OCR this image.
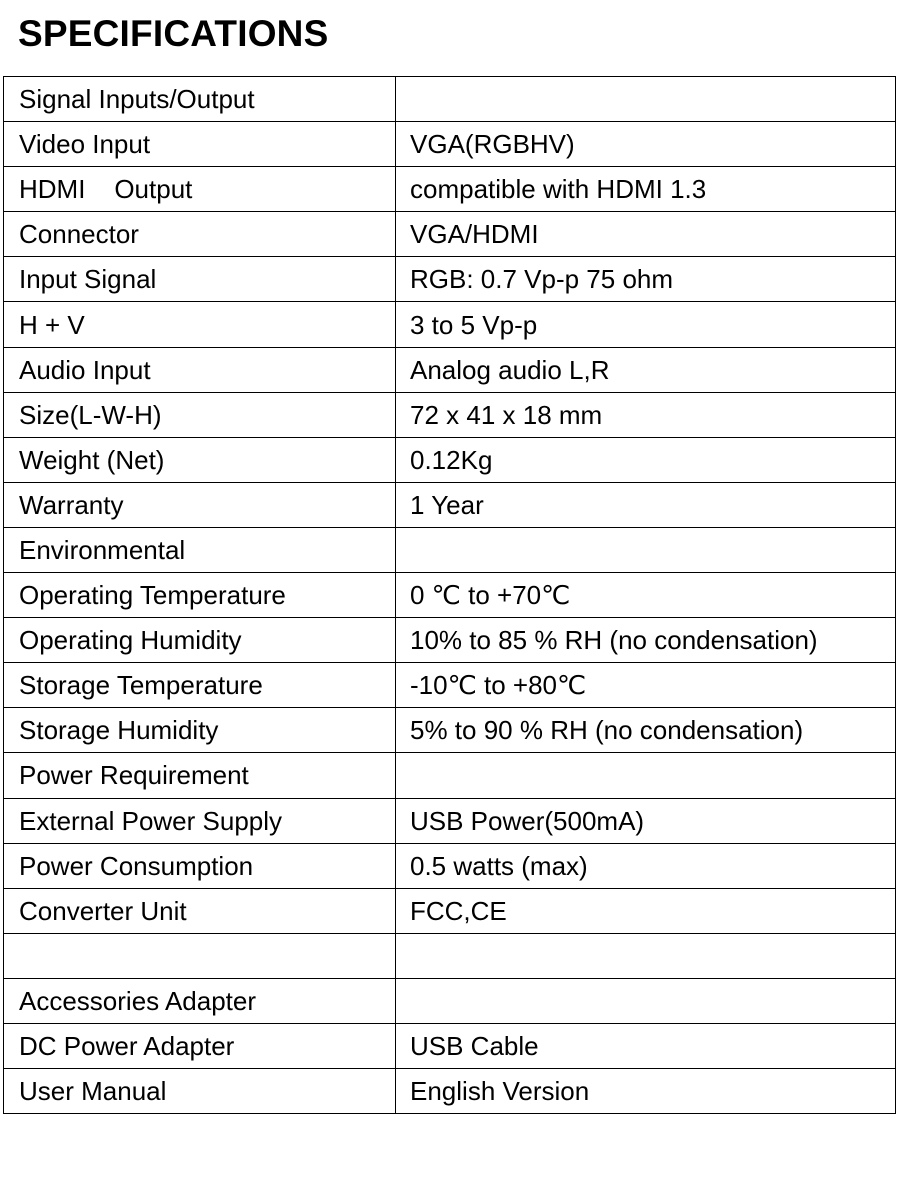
SPECIFICATIONS
Signal Inputs/Output	
Video Input	VGA(RGBHV)
HDMI    Output	compatible with HDMI 1.3
Connector	VGA/HDMI
Input Signal	RGB: 0.7 Vp-p 75 ohm
H + V	3 to 5 Vp-p
Audio Input	Analog audio L,R
Size(L-W-H)	72 x 41 x 18 mm
Weight (Net)	0.12Kg
Warranty	1 Year
Environmental	
Operating Temperature	0 ℃ to +70℃
Operating Humidity	10% to 85 % RH (no condensation)
Storage Temperature	-10℃ to +80℃
Storage Humidity	5% to 90 % RH (no condensation)
Power Requirement	
External Power Supply	USB Power(500mA)
Power Consumption	0.5 watts (max)
Converter Unit	FCC,CE

Accessories Adapter	
DC Power Adapter	USB Cable
User Manual	English Version
